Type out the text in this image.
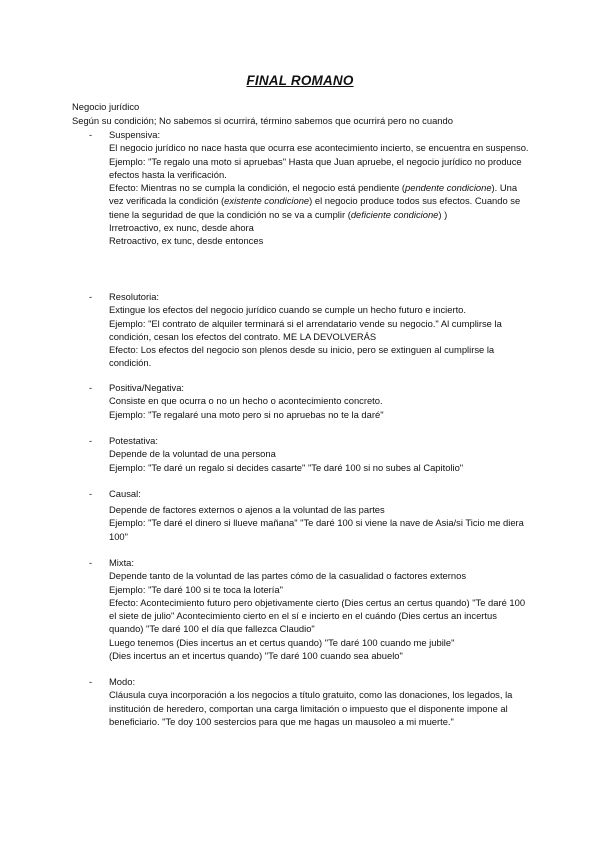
FINAL ROMANO
Negocio jurídico
Según su condición; No sabemos si ocurrirá, término sabemos que ocurrirá pero no cuando
- Suspensiva:

El negocio jurídico no nace hasta que ocurra ese acontecimiento incierto, se encuentra en suspenso.

Ejemplo: "Te regalo una moto si apruebas" Hasta que Juan apruebe, el negocio jurídico no produce efectos hasta la verificación.

Efecto: Mientras no se cumpla la condición, el negocio está pendiente (pendente condicione). Una vez verificada la condición (existente condicione) el negocio produce todos sus efectos. Cuando se tiene la seguridad de que la condición no se va a cumplir (deficiente condicione) )

Irretroactivo, ex nunc, desde ahora

Retroactivo, ex tunc, desde entonces

- Resolutoria:

Extingue los efectos del negocio jurídico cuando se cumple un hecho futuro e incierto.

Ejemplo: "El contrato de alquiler terminará si el arrendatario vende su negocio." Al cumplirse la condición, cesan los efectos del contrato. ME LA DEVOLVERÁS

Efecto: Los efectos del negocio son plenos desde su inicio, pero se extinguen al cumplirse la condición.

- Positiva/Negativa:

Consiste en que ocurra o no un hecho o acontecimiento concreto.

Ejemplo: "Te regalaré una moto pero si no apruebas no te la daré"

- Potestativa:

Depende de la voluntad de una persona

Ejemplo: "Te daré un regalo si decides casarte" "Te daré 100 si no subes al Capitolio"

- Causal:

Depende de factores externos o ajenos a la voluntad de las partes

Ejemplo: "Te daré el dinero si llueve mañana" "Te daré 100 si viene la nave de Asia/si Ticio me diera 100"

- Mixta:

Depende tanto de la voluntad de las partes cómo de la casualidad o factores externos

Ejemplo: "Te daré 100 si te toca la lotería"

Efecto: Acontecimiento futuro pero objetivamente cierto (Dies certus an certus quando) "Te daré 100 el siete de julio" Acontecimiento cierto en el sí e incierto en el cuándo (Dies certus an incertus quando) "Te daré 100 el día que fallezca Claudio"

Luego tenemos (Dies incertus an et certus quando) "Te daré 100 cuando me jubile"

(Dies incertus an et incertus quando) "Te daré 100 cuando sea abuelo"

- Modo:

Cláusula cuya incorporación a los negocios a título gratuito, como las donaciones, los legados, la institución de heredero, comportan una carga limitación o impuesto que el disponente impone al beneficiario. "Te doy 100 sestercios para que me hagas un mausoleo a mi muerte."
